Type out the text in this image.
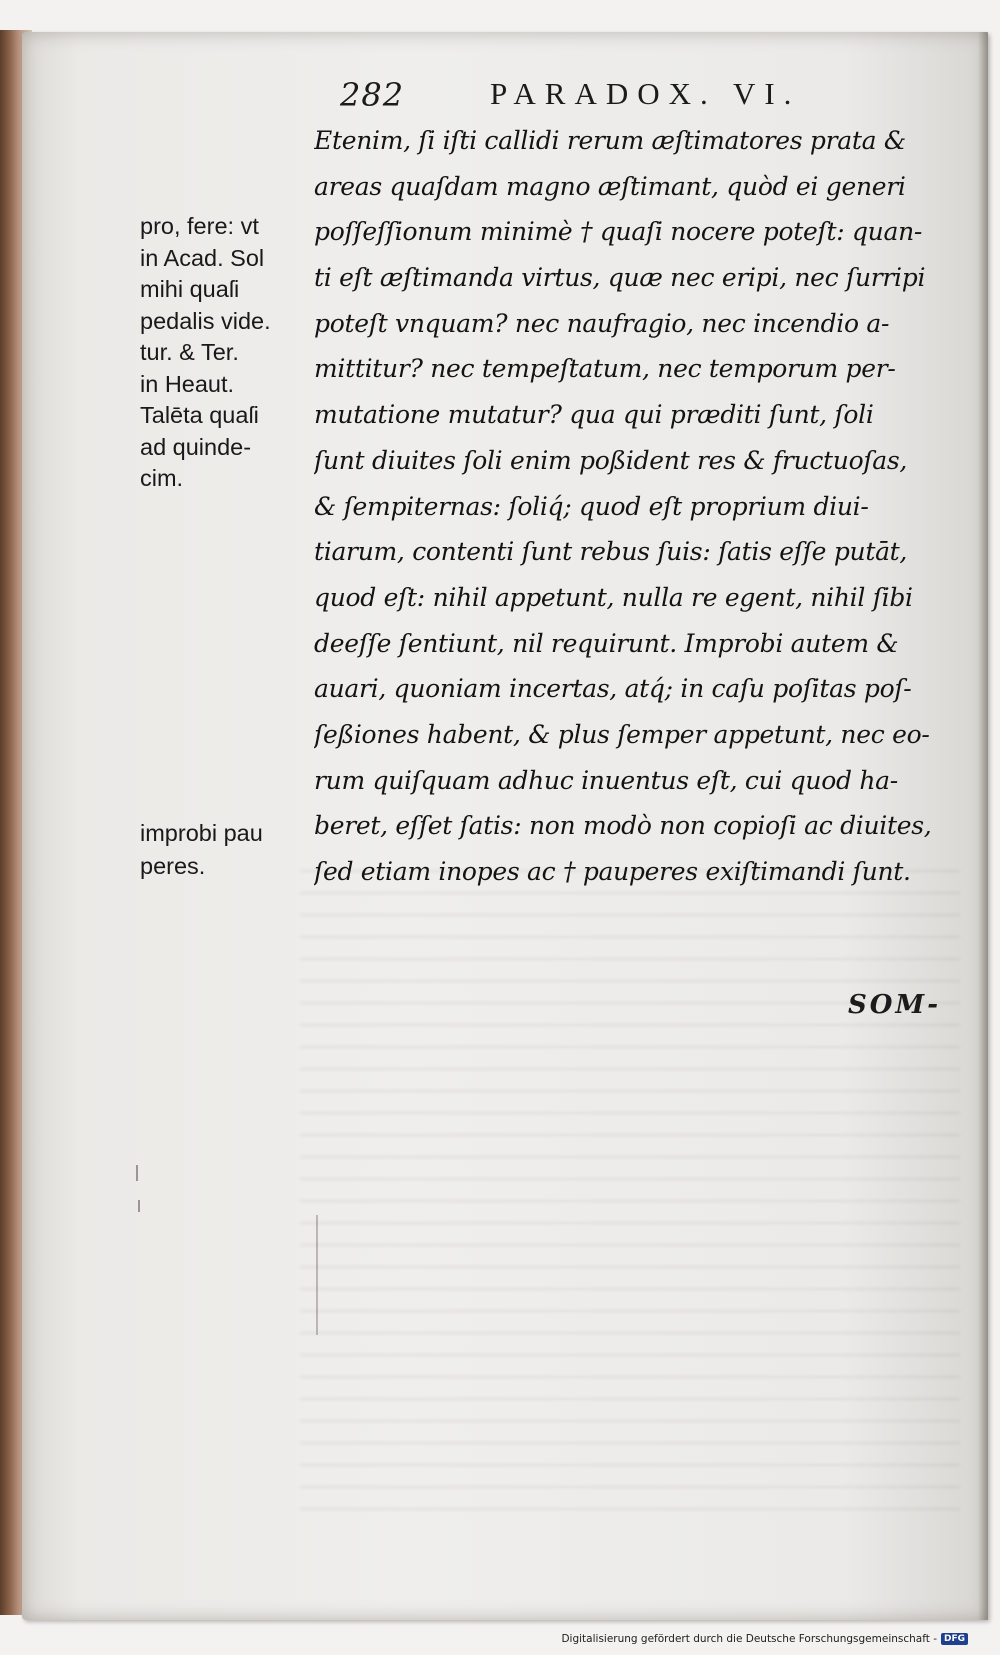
282	PARADOX. VI.
Etenim, ſi iſti callidi rerum æſtimatores prata &
areas quaſdam magno æſtimant, quòd ei generi
poſſeſſionum minimè † quaſi nocere poteſt: quan-
ti eſt æſtimanda virtus, quæ nec eripi, nec ſurripi
poteſt vnquam? nec naufragio, nec incendio a-
mittitur? nec tempeſtatum, nec temporum per-
mutatione mutatur? qua qui præditi ſunt, ſoli
ſunt diuites ſoli enim poßident res & fructuoſas,
& ſempiternas: ſoliq́; quod eſt proprium diui-
tiarum, contenti ſunt rebus ſuis: ſatis eſſe putāt,
quod eſt: nihil appetunt, nulla re egent, nihil ſibi
deeſſe ſentiunt, nil requirunt. Improbi autem &
auari, quoniam incertas, atq́; in caſu poſitas poſ-
ſeßiones habent, & plus ſemper appetunt, nec eo-
rum quiſquam adhuc inuentus eſt, cui quod ha-
beret, eſſet ſatis: non modò non copioſi ac diuites,
ſed etiam inopes ac † pauperes exiſtimandi ſunt.
pro, fere: vt
in Acad. Sol
mihi quaſi
pedalis vide.
tur. & Ter.
in Heaut.
Talēta quaſi
ad quinde-
cim.
improbi pau
peres.
SOM-
Digitalisierung gefördert durch die Deutsche Forschungsgemeinschaft - DFG
